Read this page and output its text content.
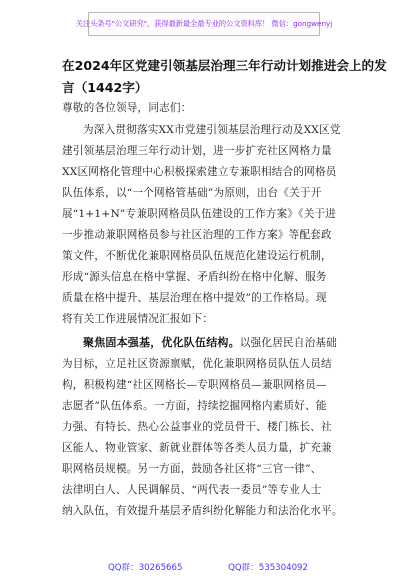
关注头条号"公文研究"，获得最新最全最专业的公文资料库！ 微信：gongwenyj
在2024年区党建引领基层治理三年行动计划推进会上的发
言（1442字）
尊敬的各位领导，同志们：
为深入贯彻落实XX市党建引领基层治理行动及XX区党
建引领基层治理三年行动计划，进一步扩充社区网格力量
XX区网格化管理中心积极探索建立专兼职相结合的网格员
队伍体系，以“一个网格管基础”为原则，出台《关于开
展“1+1+N”专兼职网格员队伍建设的工作方案》《关于进
一步推动兼职网格员参与社区治理的工作方案》等配套政
策文件，不断优化兼职网格员队伍规范化建设运行机制，
形成“源头信息在格中掌握、矛盾纠纷在格中化解、服务
质量在格中提升、基层治理在格中提效”的工作格局。现
将有关工作进展情况汇报如下：
聚焦固本强基，优化队伍结构。以强化居民自治基础
为目标，立足社区资源禀赋，优化兼职网格员队伍人员结
构，积极构建“社区网格长—专职网格员—兼职网格员—
志愿者”队伍体系。一方面，持续挖掘网格内素质好、能
力强、有特长、热心公益事业的党员骨干、楼门栋长、社
区能人、物业管家、新就业群体等各类人员力量，扩充兼
职网格员规模。另一方面，鼓励各社区将“三官一律”、
法律明白人、人民调解员、“两代表一委员”等专业人士
纳入队伍，有效提升基层矛盾纠纷化解能力和法治化水平。
QQ群：30265665	QQ群：535304092
